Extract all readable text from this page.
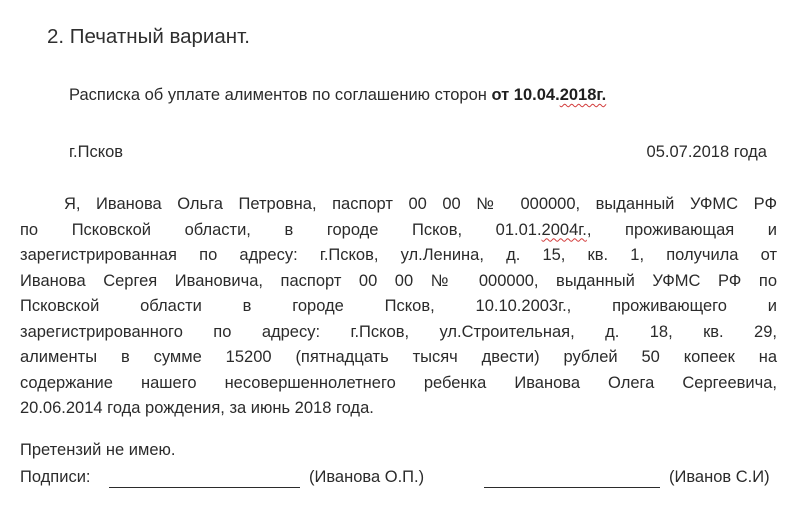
2. Печатный вариант.
Расписка об уплате алиментов по соглашению сторон от 10.04.2018г.
г.Псков	05.07.2018 года
Я, Иванова Ольга Петровна, паспорт 00 00 № 000000, выданный УФМС РФ
по Псковской области, в городе Псков, 01.01.2004г., проживающая и
зарегистрированная по адресу: г.Псков, ул.Ленина, д. 15, кв. 1, получила от
Иванова Сергея Ивановича, паспорт 00 00 № 000000, выданный УФМС РФ по
Псковской области в городе Псков, 10.10.2003г., проживающего и
зарегистрированного по адресу: г.Псков, ул.Строительная, д. 18, кв. 29,
алименты в сумме 15200 (пятнадцать тысяч двести) рублей 50 копеек на
содержание нашего несовершеннолетнего ребенка Иванова Олега Сергеевича,
20.06.2014 года рождения, за июнь 2018 года.
Претензий не имею.
Подписи:	(Иванова О.П.)	(Иванов С.И)
